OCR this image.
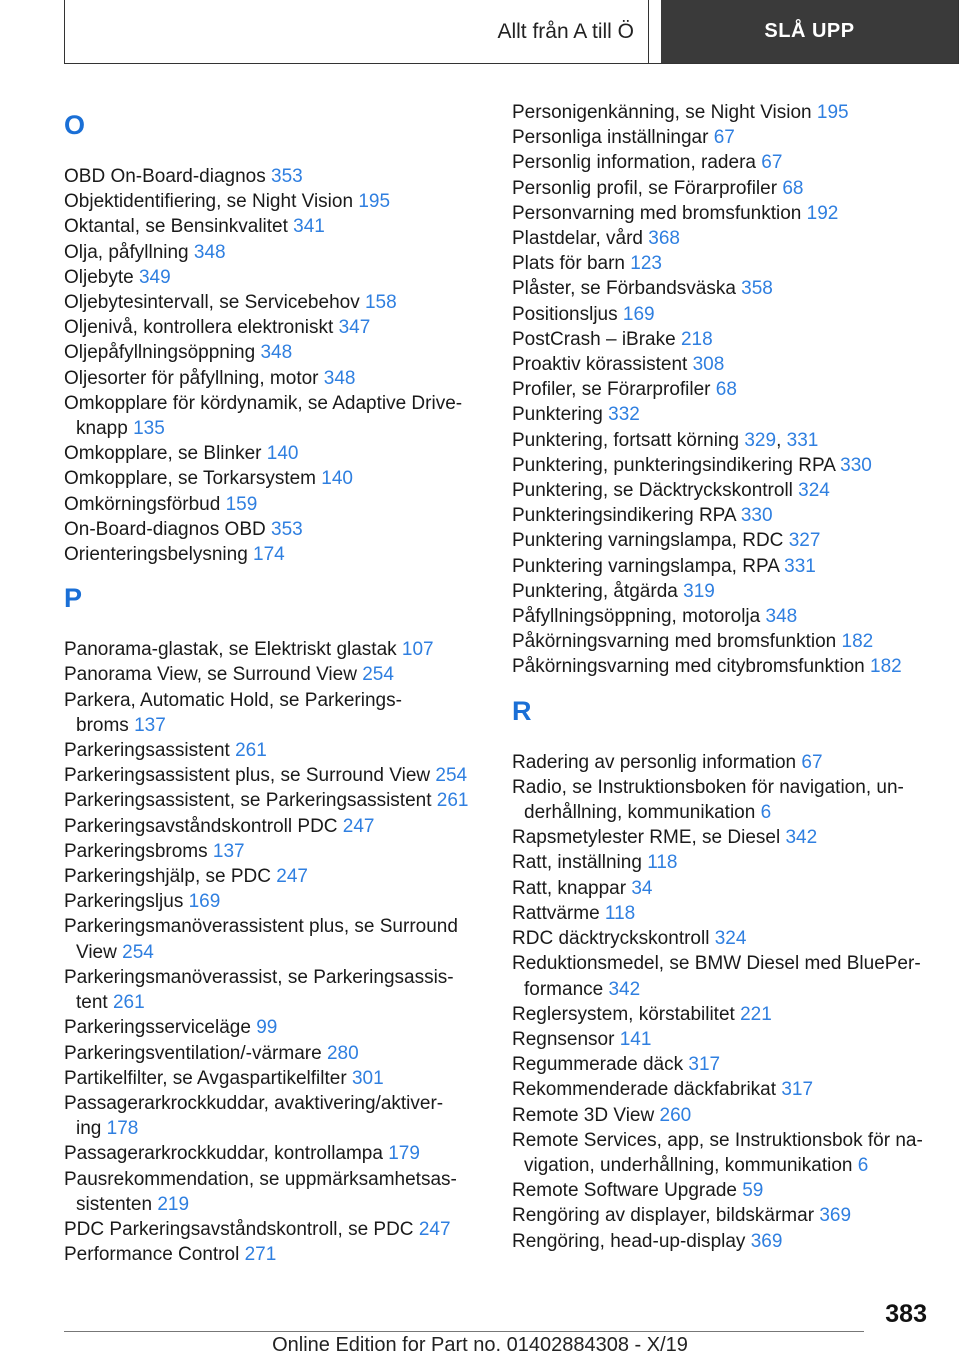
Allt från A till Ö	SLÅ UPP
O
OBD On-Board-diagnos 353
Objektidentifiering, se Night Vision 195
Oktantal, se Bensinkvalitet 341
Olja, påfyllning 348
Oljebyte 349
Oljebytesintervall, se Servicebehov 158
Oljenivå, kontrollera elektroniskt 347
Oljepåfyllningsöppning 348
Oljesorter för påfyllning, motor 348
Omkopplare för kördynamik, se Adaptive Drive-
knapp 135
Omkopplare, se Blinker 140
Omkopplare, se Torkarsystem 140
Omkörningsförbud 159
On-Board-diagnos OBD 353
Orienteringsbelysning 174
P
Panorama-glastak, se Elektriskt glastak 107
Panorama View, se Surround View 254
Parkera, Automatic Hold, se Parkerings-
broms 137
Parkeringsassistent 261
Parkeringsassistent plus, se Surround View 254
Parkeringsassistent, se Parkeringsassistent 261
Parkeringsavståndskontroll PDC 247
Parkeringsbroms 137
Parkeringshjälp, se PDC 247
Parkeringsljus 169
Parkeringsmanöverassistent plus, se Surround
View 254
Parkeringsmanöverassist, se Parkeringsassis-
tent 261
Parkeringsserviceläge 99
Parkeringsventilation/-värmare 280
Partikelfilter, se Avgaspartikelfilter 301
Passagerarkrockkuddar, avaktivering/aktiver-
ing 178
Passagerarkrockkuddar, kontrollampa 179
Pausrekommendation, se uppmärksamhetsas-
sistenten 219
PDC Parkeringsavståndskontroll, se PDC 247
Performance Control 271
Personigenkänning, se Night Vision 195
Personliga inställningar 67
Personlig information, radera 67
Personlig profil, se Förarprofiler 68
Personvarning med bromsfunktion 192
Plastdelar, vård 368
Plats för barn 123
Plåster, se Förbandsväska 358
Positionsljus 169
PostCrash – iBrake 218
Proaktiv körassistent 308
Profiler, se Förarprofiler 68
Punktering 332
Punktering, fortsatt körning 329, 331
Punktering, punkteringsindikering RPA 330
Punktering, se Däcktryckskontroll 324
Punkteringsindikering RPA 330
Punktering varningslampa, RDC 327
Punktering varningslampa, RPA 331
Punktering, åtgärda 319
Påfyllningsöppning, motorolja 348
Påkörningsvarning med bromsfunktion 182
Påkörningsvarning med citybromsfunktion 182
R
Radering av personlig information 67
Radio, se Instruktionsboken för navigation, un-
derhållning, kommunikation 6
Rapsmetylester RME, se Diesel 342
Ratt, inställning 118
Ratt, knappar 34
Rattvärme 118
RDC däcktryckskontroll 324
Reduktionsmedel, se BMW Diesel med BluePer-
formance 342
Reglersystem, körstabilitet 221
Regnsensor 141
Regummerade däck 317
Rekommenderade däckfabrikat 317
Remote 3D View 260
Remote Services, app, se Instruktionsbok för na-
vigation, underhållning, kommunikation 6
Remote Software Upgrade 59
Rengöring av displayer, bildskärmar 369
Rengöring, head-up-display 369
383
Online Edition for Part no. 01402884308 - X/19
